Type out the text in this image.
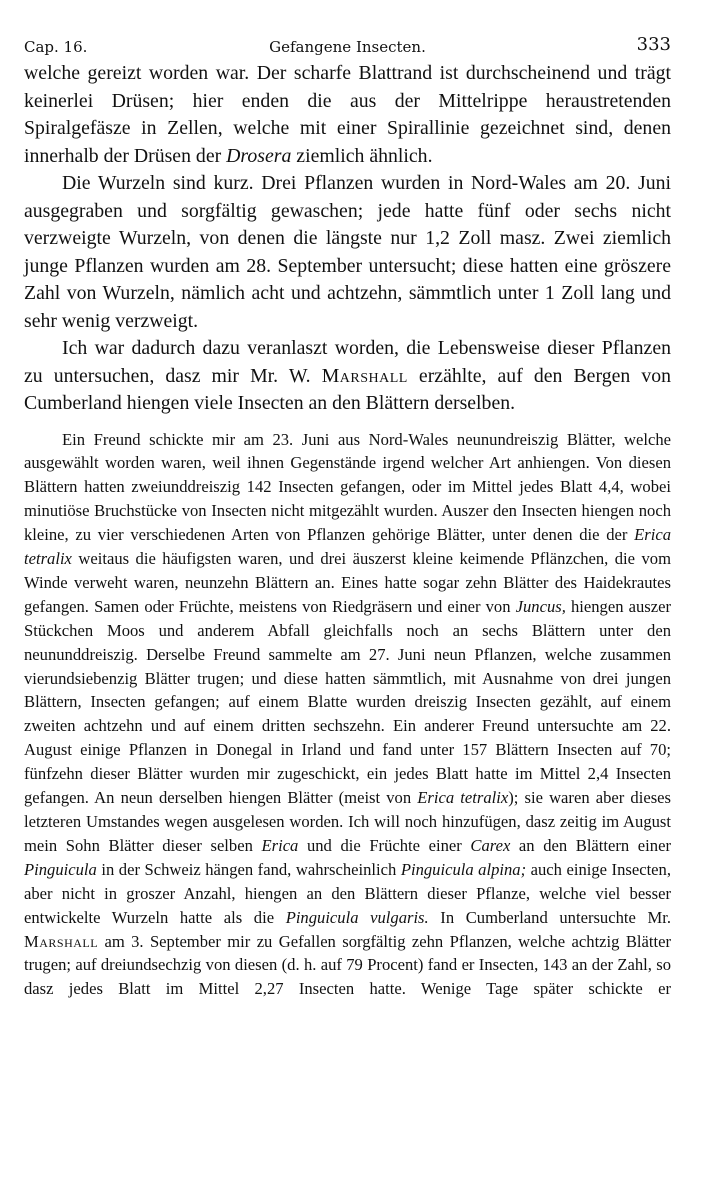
Cap. 16.	Gefangene Insecten.	333

welche gereizt worden war. Der scharfe Blattrand ist durchscheinend und trägt keinerlei Drüsen; hier enden die aus der Mittelrippe heraustretenden Spiralgefäsze in Zellen, welche mit einer Spirallinie gezeichnet sind, denen innerhalb der Drüsen der Drosera ziemlich ähnlich.

Die Wurzeln sind kurz. Drei Pflanzen wurden in Nord-Wales am 20. Juni ausgegraben und sorgfältig gewaschen; jede hatte fünf oder sechs nicht verzweigte Wurzeln, von denen die längste nur 1,2 Zoll masz. Zwei ziemlich junge Pflanzen wurden am 28. September untersucht; diese hatten eine gröszere Zahl von Wurzeln, nämlich acht und achtzehn, sämmtlich unter 1 Zoll lang und sehr wenig verzweigt.

Ich war dadurch dazu veranlaszt worden, die Lebensweise dieser Pflanzen zu untersuchen, dasz mir Mr. W. Marshall erzählte, auf den Bergen von Cumberland hiengen viele Insecten an den Blättern derselben.

Ein Freund schickte mir am 23. Juni aus Nord-Wales neunundreiszig Blätter, welche ausgewählt worden waren, weil ihnen Gegenstände irgend welcher Art anhiengen. Von diesen Blättern hatten zweiunddreiszig 142 Insecten gefangen, oder im Mittel jedes Blatt 4,4, wobei minutiöse Bruchstücke von Insecten nicht mitgezählt wurden. Auszer den Insecten hiengen noch kleine, zu vier verschiedenen Arten von Pflanzen gehörige Blätter, unter denen die der Erica tetralix weitaus die häufigsten waren, und drei äuszerst kleine keimende Pflänzchen, die vom Winde verweht waren, neunzehn Blättern an. Eines hatte sogar zehn Blätter des Haidekrautes gefangen. Samen oder Früchte, meistens von Riedgräsern und einer von Juncus, hiengen auszer Stückchen Moos und anderem Abfall gleichfalls noch an sechs Blättern unter den neununddreiszig. Derselbe Freund sammelte am 27. Juni neun Pflanzen, welche zusammen vierundsiebenzig Blätter trugen; und diese hatten sämmtlich, mit Ausnahme von drei jungen Blättern, Insecten gefangen; auf einem Blatte wurden dreiszig Insecten gezählt, auf einem zweiten achtzehn und auf einem dritten sechszehn. Ein anderer Freund untersuchte am 22. August einige Pflanzen in Donegal in Irland und fand unter 157 Blättern Insecten auf 70; fünfzehn dieser Blätter wurden mir zugeschickt, ein jedes Blatt hatte im Mittel 2,4 Insecten gefangen. An neun derselben hiengen Blätter (meist von Erica tetralix); sie waren aber dieses letzteren Umstandes wegen ausgelesen worden. Ich will noch hinzufügen, dasz zeitig im August mein Sohn Blätter dieser selben Erica und die Früchte einer Carex an den Blättern einer Pinguicula in der Schweiz hängen fand, wahrscheinlich Pinguicula alpina; auch einige Insecten, aber nicht in groszer Anzahl, hiengen an den Blättern dieser Pflanze, welche viel besser entwickelte Wurzeln hatte als die Pinguicula vulgaris. In Cumberland untersuchte Mr. Marshall am 3. September mir zu Gefallen sorgfältig zehn Pflanzen, welche achtzig Blätter trugen; auf dreiundsechzig von diesen (d. h. auf 79 Procent) fand er Insecten, 143 an der Zahl, so dasz jedes Blatt im Mittel 2,27 Insecten hatte. Wenige Tage später schickte er
